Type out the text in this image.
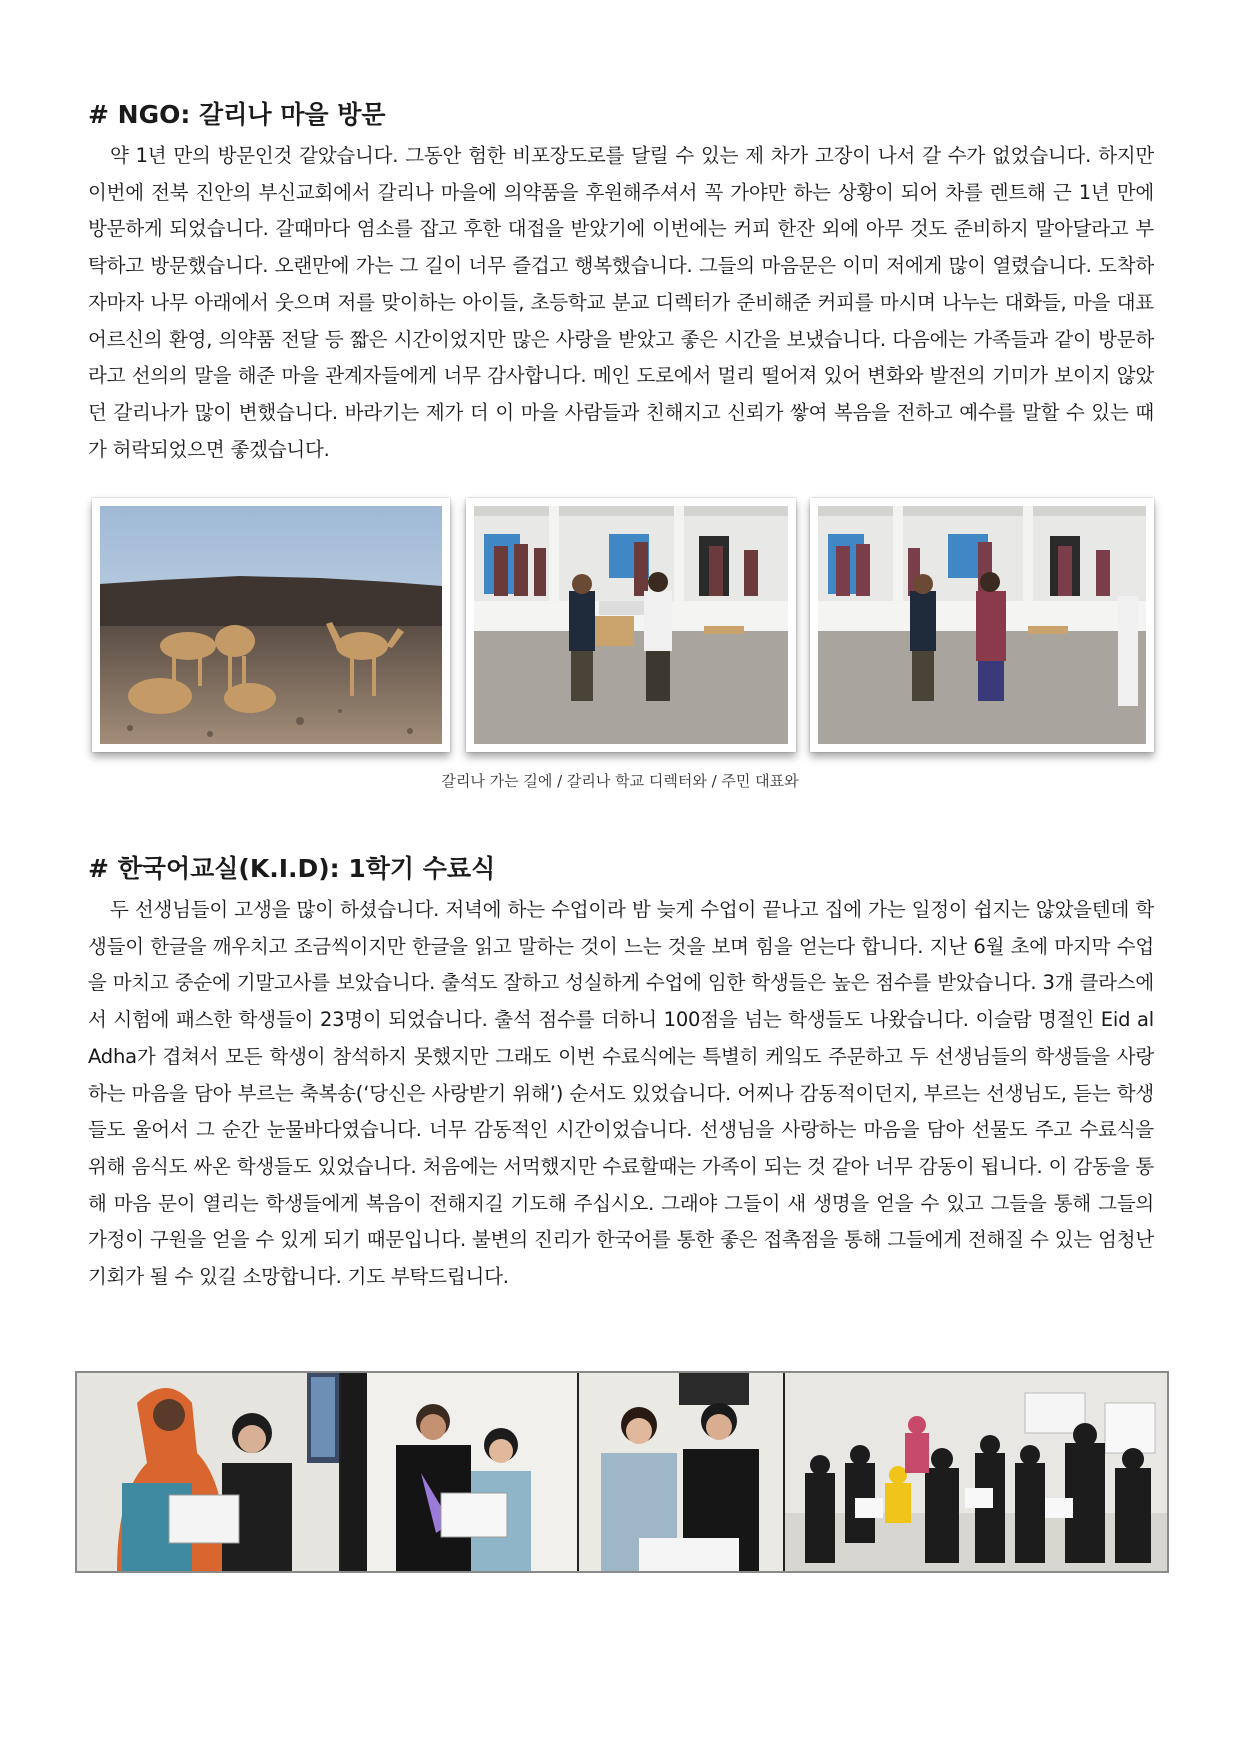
# NGO: 갈리나 마을 방문

약 1년 만의 방문인것 같았습니다. 그동안 험한 비포장도로를 달릴 수 있는 제 차가 고장이 나서 갈 수가 없었습니다. 하지만 이번에 전북 진안의 부신교회에서 갈리나 마을에 의약품을 후원해주셔서 꼭 가야만 하는 상황이 되어 차를 렌트해 근 1년 만에 방문하게 되었습니다. 갈때마다 염소를 잡고 후한 대접을 받았기에 이번에는 커피 한잔 외에 아무 것도 준비하지 말아달라고 부탁하고 방문했습니다. 오랜만에 가는 그 길이 너무 즐겁고 행복했습니다. 그들의 마음문은 이미 저에게 많이 열렸습니다. 도착하자마자 나무 아래에서 웃으며 저를 맞이하는 아이들, 초등학교 분교 디렉터가 준비해준 커피를 마시며 나누는 대화들, 마을 대표 어르신의 환영, 의약품 전달 등 짧은 시간이었지만 많은 사랑을 받았고 좋은 시간을 보냈습니다. 다음에는 가족들과 같이 방문하라고 선의의 말을 해준 마을 관계자들에게 너무 감사합니다. 메인 도로에서 멀리 떨어져 있어 변화와 발전의 기미가 보이지 않았던 갈리나가 많이 변했습니다. 바라기는 제가 더 이 마을 사람들과 친해지고 신뢰가 쌓여 복음을 전하고 예수를 말할 수 있는 때가 허락되었으면 좋겠습니다.

갈리나 가는 길에 / 갈리나 학교 디렉터와 / 주민 대표와
# 한국어교실(K.I.D): 1학기 수료식

두 선생님들이 고생을 많이 하셨습니다. 저녁에 하는 수업이라 밤 늦게 수업이 끝나고 집에 가는 일정이 쉽지는 않았을텐데 학생들이 한글을 깨우치고 조금씩이지만 한글을 읽고 말하는 것이 느는 것을 보며 힘을 얻는다 합니다. 지난 6월 초에 마지막 수업을 마치고 중순에 기말고사를 보았습니다. 출석도 잘하고 성실하게 수업에 임한 학생들은 높은 점수를 받았습니다. 3개 클라스에서 시험에 패스한 학생들이 23명이 되었습니다. 출석 점수를 더하니 100점을 넘는 학생들도 나왔습니다. 이슬람 명절인 Eid al Adha가 겹쳐서 모든 학생이 참석하지 못했지만 그래도 이번 수료식에는 특별히 케잌도 주문하고 두 선생님들의 학생들을 사랑하는 마음을 담아 부르는 축복송(‘당신은 사랑받기 위해’) 순서도 있었습니다. 어찌나 감동적이던지, 부르는 선생님도, 듣는 학생들도 울어서 그 순간 눈물바다였습니다. 너무 감동적인 시간이었습니다. 선생님을 사랑하는 마음을 담아 선물도 주고 수료식을 위해 음식도 싸온 학생들도 있었습니다. 처음에는 서먹했지만 수료할때는 가족이 되는 것 같아 너무 감동이 됩니다. 이 감동을 통해 마음 문이 열리는 학생들에게 복음이 전해지길 기도해 주십시오. 그래야 그들이 새 생명을 얻을 수 있고 그들을 통해 그들의 가정이 구원을 얻을 수 있게 되기 때문입니다. 불변의 진리가 한국어를 통한 좋은 접촉점을 통해 그들에게 전해질 수 있는 엄청난 기회가 될 수 있길 소망합니다. 기도 부탁드립니다.
